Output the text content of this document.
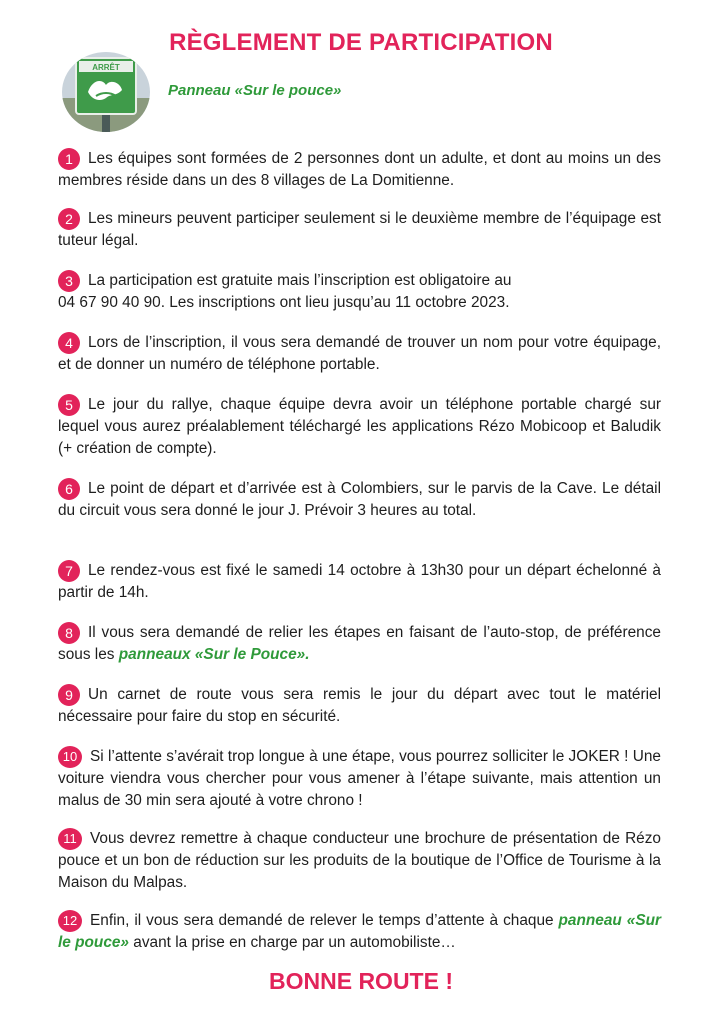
RÈGLEMENT DE PARTICIPATION
ARRÊT
Panneau «Sur le pouce»
1 Les équipes sont formées de 2 personnes dont un adulte, et dont au moins un des membres réside dans un des 8 villages de La Domitienne.
2 Les mineurs peuvent participer seulement si le deuxième membre de l’équipage est tuteur légal.
3 La participation est gratuite mais l’inscription est obligatoire au
04 67 90 40 90. Les inscriptions ont lieu jusqu’au 11 octobre 2023.
4 Lors de l’inscription, il vous sera demandé de trouver un nom pour votre équipage, et de donner un numéro de téléphone portable.
5 Le jour du rallye, chaque équipe devra avoir un téléphone portable chargé sur lequel vous aurez préalablement téléchargé les applications Rézo Mobicoop et Baludik (+ création de compte).
6 Le point de départ et d’arrivée est à Colombiers, sur le parvis de la Cave. Le détail du circuit vous sera donné le jour J. Prévoir 3 heures au total.
7 Le rendez-vous est fixé le samedi 14 octobre à 13h30 pour un départ échelonné à partir de 14h.
8 Il vous sera demandé de relier les étapes en faisant de l’auto-stop, de préférence sous les panneaux «Sur le Pouce».
9 Un carnet de route vous sera remis le jour du départ avec tout le matériel nécessaire pour faire du stop en sécurité.
10 Si l’attente s’avérait trop longue à une étape, vous pourrez solliciter le JOKER ! Une voiture viendra vous chercher pour vous amener à l’étape suivante, mais attention un malus de 30 min sera ajouté à votre chrono !
11 Vous devrez remettre à chaque conducteur une brochure de présentation de Rézo pouce et un bon de réduction sur les produits de la boutique de l’Office de Tourisme à la Maison du Malpas.
12 Enfin, il vous sera demandé de relever le temps d’attente à chaque panneau «Sur le pouce» avant la prise en charge par un automobiliste…
BONNE ROUTE !
